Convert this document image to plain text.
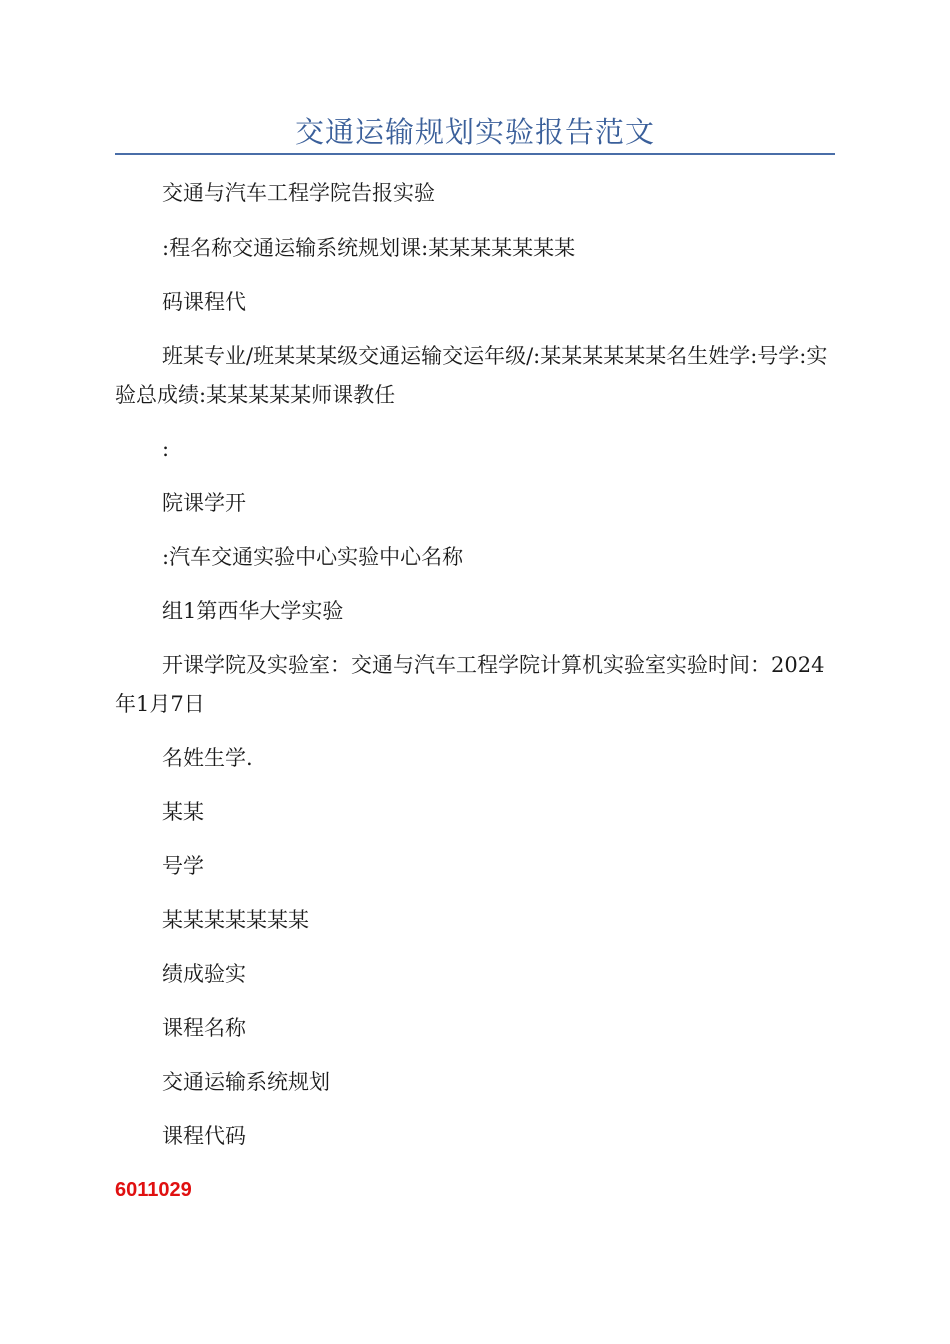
交通运输规划实验报告范文

交通与汽车工程学院告报实验

:程名称交通运输系统规划课:某某某某某某某

码课程代

班某专业/班某某某级交通运输交运年级/:某某某某某某名生姓学:号学:实验总成绩:某某某某某师课教任

:

院课学开

:汽车交通实验中心实验中心名称

组1第西华大学实验

开课学院及实验室：交通与汽车工程学院计算机实验室实验时间：2024年1月7日

名姓生学.

某某

号学

某某某某某某某

绩成验实

课程名称

交通运输系统规划

课程代码

6011029
